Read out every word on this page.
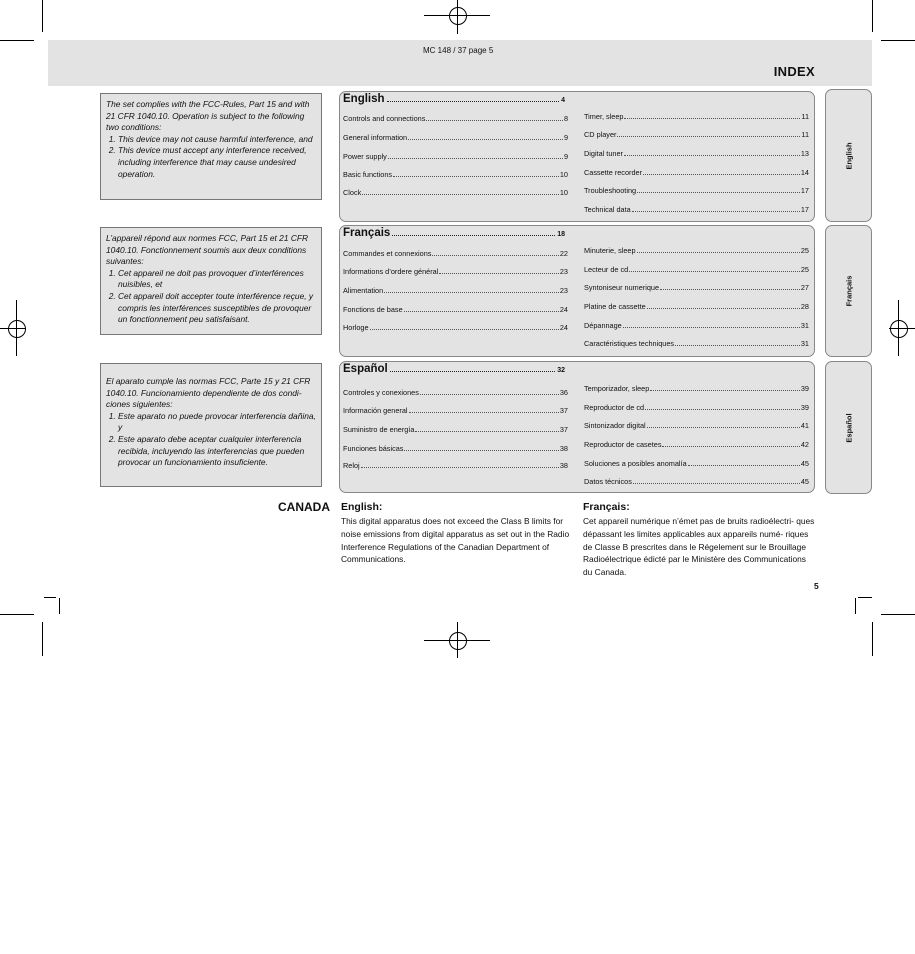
MC 148 / 37 page 5
INDEX
The set complies with the FCC-Rules, Part 15 and with 21 CFR 1040.10. Operation is subject to the following two conditions:
1. This device may not cause harmful interference, and
2. This device must accept any interference received, including interference that may cause undesired operation.
L’appareil répond aux normes FCC, Part 15 et 21 CFR 1040.10. Fonctionnement soumis aux deux conditions suivantes:
1. Cet appareil ne doit pas provoquer d’interférences nuisibles, et
2. Cet appareil doit accepter toute interférence reçue, y compris les interférences susceptibles de provoquer un fonctionnement peu satisfaisant.
El aparato cumple las normas FCC, Parte 15 y 21 CFR 1040.10. Funcionamiento dependiente de dos condi- ciones siguientes:
1. Este aparato no puede provocar interferencia dañina, y
2. Este aparato debe aceptar cualquier interferencia recibida, incluyendo las interferencias que pueden provocar un funcionamiento insuficiente.
English	4
Controls and connections	8
General information	9
Power supply	9
Basic functions	10
Clock	10
Timer, sleep	11
CD player	11
Digital tuner	13
Cassette recorder	14
Troubleshooting	17
Technical data	17
Français	18
Commandes et connexions	22
Informations d’ordere général	23
Alimentation	23
Fonctions de base	24
Horloge	24
Minuterie, sleep	25
Lecteur de cd	25
Syntoniseur numerique	27
Platine de cassette	28
Dépannage	31
Caractéristiques techniques	31
Español	32
Controles y conexiones	36
Información general	37
Suministro de energía	37
Funciones básicas	38
Reloj	38
Temporizador, sleep	39
Reproductor de cd	39
Sintonizador digital	41
Reproductor de casetes	42
Soluciones a posibles anomalía	45
Datos técnicos	45
English
Français
Español
CANADA English:

This digital apparatus does not exceed the Class B limits for noise emissions from digital apparatus as set out in the Radio Interference Regulations of the Canadian Department of Communications.

Français:

Cet appareil numérique n’émet pas de bruits radioélectri- ques dépassant les limites applicables aux appareils numé- riques de Classe B prescrites dans le Régelement sur le Brouillage Radioélectrique édicté par le Ministère des Communications du Canada.

5
